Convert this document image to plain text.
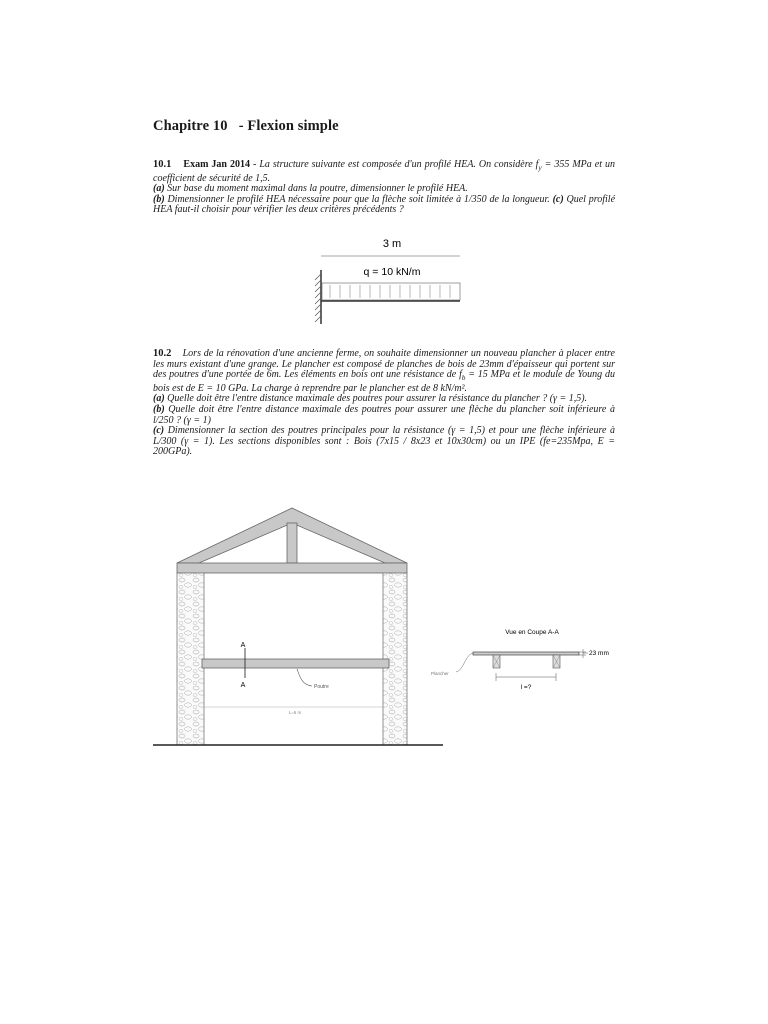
Chapitre 10 - Flexion simple
10.1 Exam Jan 2014 - La structure suivante est composée d'un profilé HEA. On considère $f_y = 355$ MPa et un coefficient de sécurité de 1,5.
(a) Sur base du moment maximal dans la poutre, dimensionner le profilé HEA.
(b) Dimensionner le profilé HEA nécessaire pour que la flèche soit limitée à 1/350 de la longueur. (c) Quel profilé HEA faut-il choisir pour vérifier les deux critères précédents ?
3 m
q = 10 kN/m
10.2 Lors de la rénovation d'une ancienne ferme, on souhaite dimensionner un nouveau plancher à placer entre les murs existant d'une grange. Le plancher est composé de planches de bois de 23mm d'épaisseur qui portent sur des poutres d'une portée de 6m. Les éléments en bois ont une résistance de $f_b = 15$ MPa et le module de Young du bois est de E = 10 GPa. La charge à reprendre par le plancher est de 8 kN/m².
(a) Quelle doit être l'entre distance maximale des poutres pour assurer la résistance du plancher ? (γ = 1,5).
(b) Quelle doit être l'entre distance maximale des poutres pour assurer une flèche du plancher soit inférieure à l/250 ? (γ = 1)
(c) Dimensionner la section des poutres principales pour la résistance (γ = 1,5) et pour une flèche inférieure à L/300 (γ = 1). Les sections disponibles sont : Bois (7x15 / 8x23 et 10x30cm) ou un IPE (fe=235Mpa, E = 200GPa).
A
A	Poutre
L=6 m
Vue en Coupe A-A
23 mm
Plancher
l =?
